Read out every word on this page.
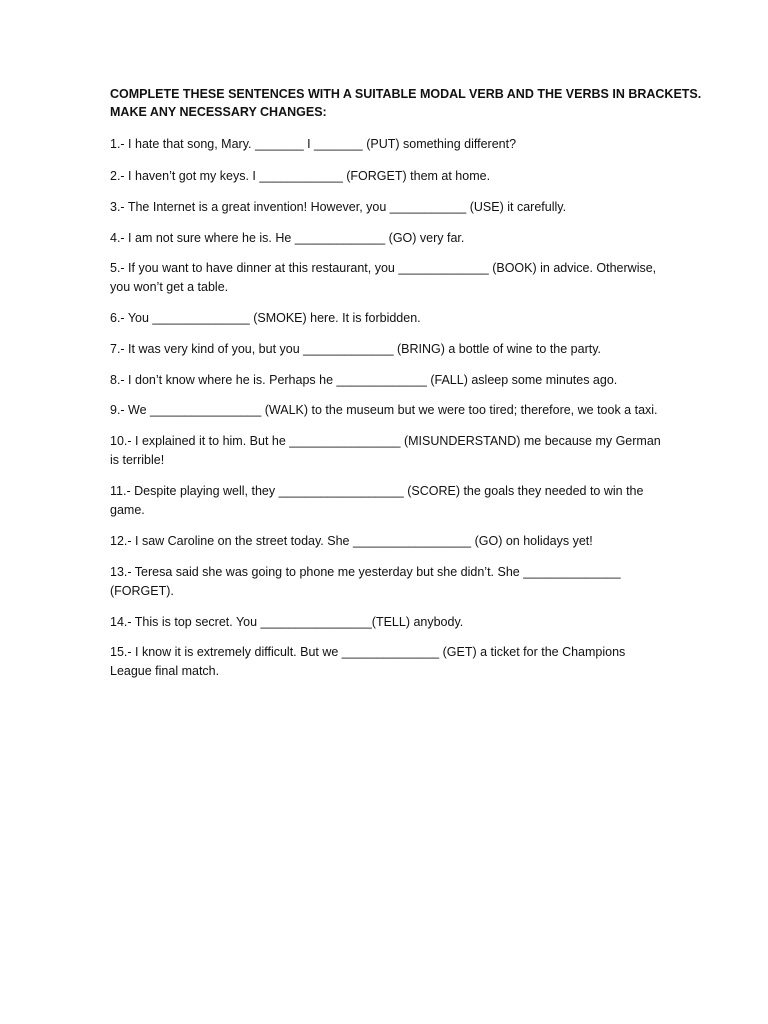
COMPLETE THESE SENTENCES WITH A SUITABLE MODAL VERB AND THE VERBS IN BRACKETS.
MAKE ANY NECESSARY CHANGES:
1.- I hate that song, Mary. _______ I _______ (PUT) something different?
2.- I haven’t got my keys. I ____________ (FORGET) them at home.
3.- The Internet is a great invention! However, you ___________ (USE) it carefully.
4.- I am not sure where he is. He _____________ (GO) very far.
5.- If you want to have dinner at this restaurant, you _____________ (BOOK) in advice. Otherwise, you won’t get a table.
6.- You ______________ (SMOKE) here. It is forbidden.
7.- It was very kind of you, but you _____________ (BRING) a bottle of wine to the party.
8.- I don’t know where he is. Perhaps he _____________ (FALL) asleep some minutes ago.
9.- We ________________ (WALK) to the museum but we were too tired; therefore, we took a taxi.
10.- I explained it to him. But he ________________ (MISUNDERSTAND) me because my German is terrible!
11.- Despite playing well, they __________________ (SCORE) the goals they needed to win the game.
12.- I saw Caroline on the street today. She _________________ (GO) on holidays yet!
13.- Teresa said she was going to phone me yesterday but she didn’t. She ______________ (FORGET).
14.- This is top secret. You ________________(TELL) anybody.
15.- I know it is extremely difficult. But we ______________ (GET) a ticket for the Champions League final match.
